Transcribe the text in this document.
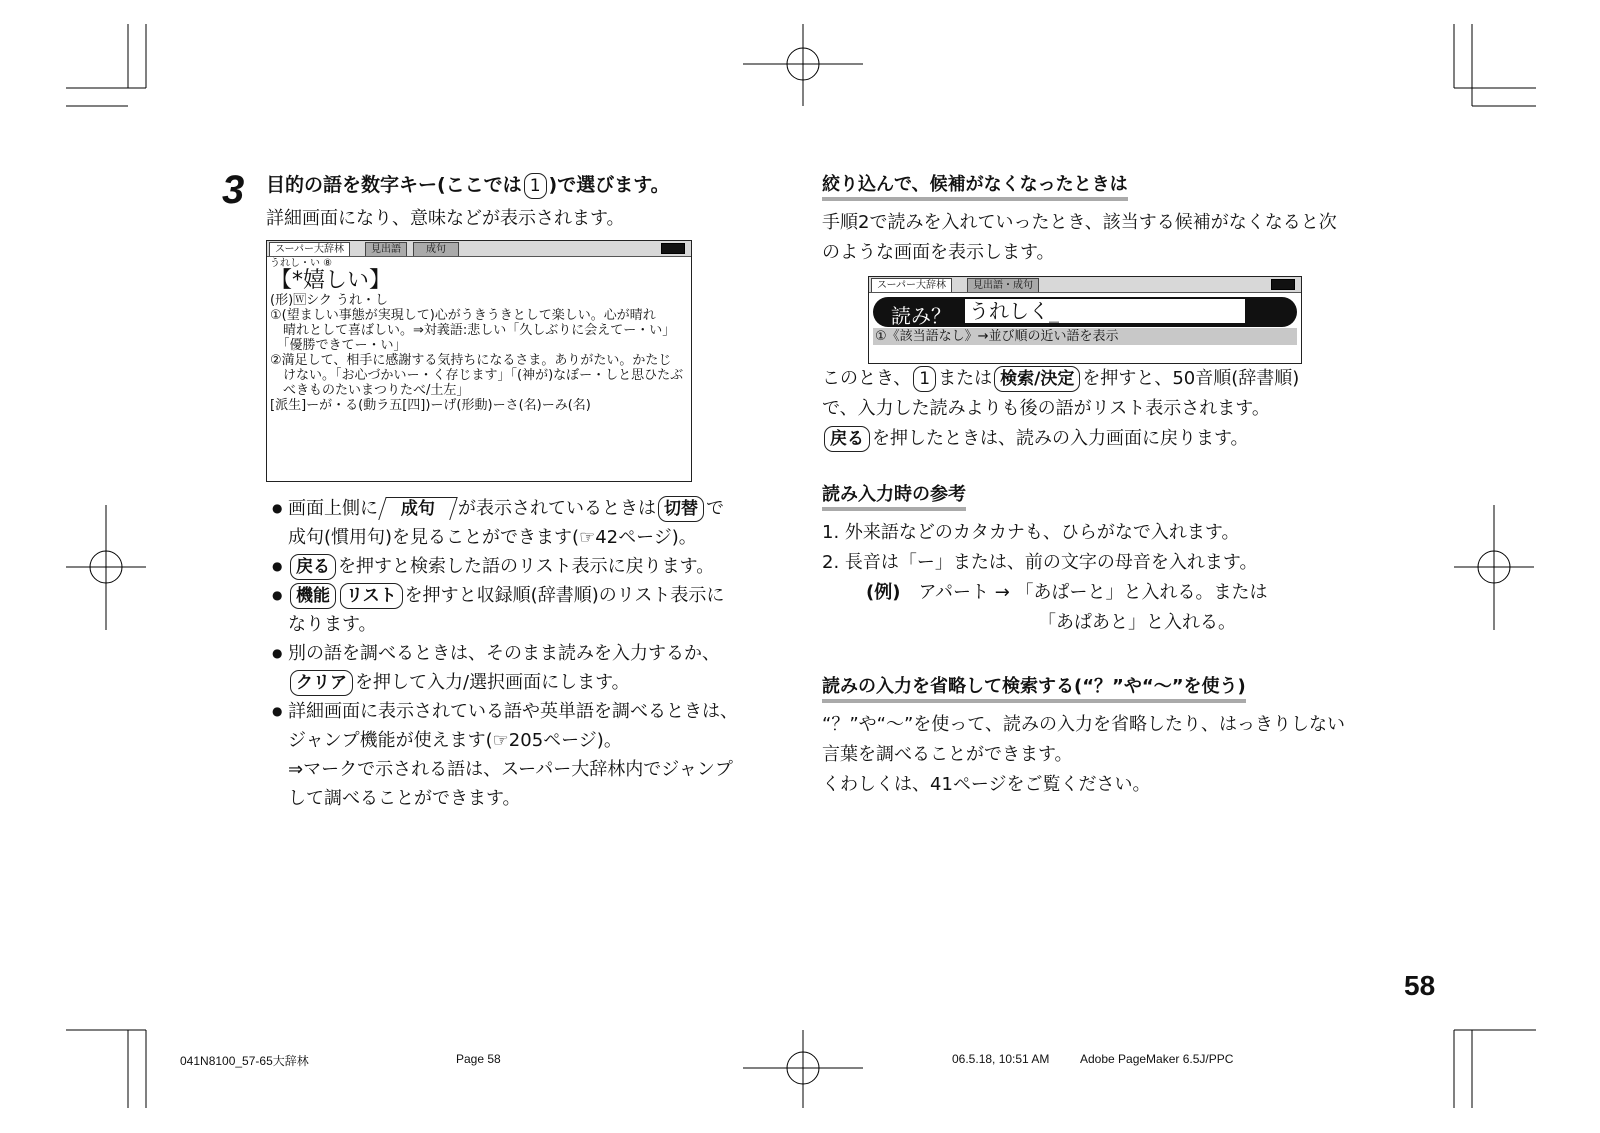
3 目的の語を数字キー(ここでは 1 )で選びます。
詳細画面になり、意味などが表示されます。
スーパー大辞林	見出語	成句
うれし・い ⑧
【*嬉しい】
(形)🅆シク うれ・し
①(望ましい事態が実現して)心がうきうきとして楽しい。心が晴れ
　晴れとして喜ばしい。⇒対義語:悲しい「久しぶりに会えてー・い」
　「優勝できてー・い」
②満足して、相手に感謝する気持ちになるさま。ありがたい。かたじ
　けない。「お心づかいー・く存じます」「(神が)なぼー・しと思ひたぶ
　べきものたいまつりたべ/土左」
[派生]ーが・る(動ラ五[四])ーげ(形動)ーさ(名)ーみ(名)
● 画面上側に 成句 が表示されているときは 切替 で
成句(慣用句)を見ることができます(☞42ページ)。
● 戻る を押すと検索した語のリスト表示に戻ります。
● 機能 リスト を押すと収録順(辞書順)のリスト表示に
なります。
● 別の語を調べるときは、そのまま読みを入力するか、
クリア を押して入力/選択画面にします。
● 詳細画面に表示されている語や英単語を調べるときは、
ジャンプ機能が使えます(☞205ページ)。
⇒マークで示される語は、スーパー大辞林内でジャンプ
して調べることができます。
絞り込んで、候補がなくなったときは
手順2で読みを入れていったとき、該当する候補がなくなると次
のような画面を表示します。
スーパー大辞林	見出語・成句
読み？ うれしく_
①《該当語なし》→並び順の近い語を表示
このとき、 1 または 検索/決定 を押すと、50音順(辞書順)
で、入力した読みよりも後の語がリスト表示されます。
戻る を押したときは、読みの入力画面に戻ります。
読み入力時の参考
1. 外来語などのカタカナも、ひらがなで入れます。
2. 長音は「ー」または、前の文字の母音を入れます。
(例) アパート → 「あぱーと」と入れる。または
「あぱあと」と入れる。
読みの入力を省略して検索する(“？”や“～”を使う)
“？”や“～”を使って、読みの入力を省略したり、はっきりしない
言葉を調べることができます。
くわしくは、41ページをご覧ください。
58
041N8100_57-65大辞林	Page 58	06.5.18, 10:51 AM	Adobe PageMaker 6.5J/PPC
